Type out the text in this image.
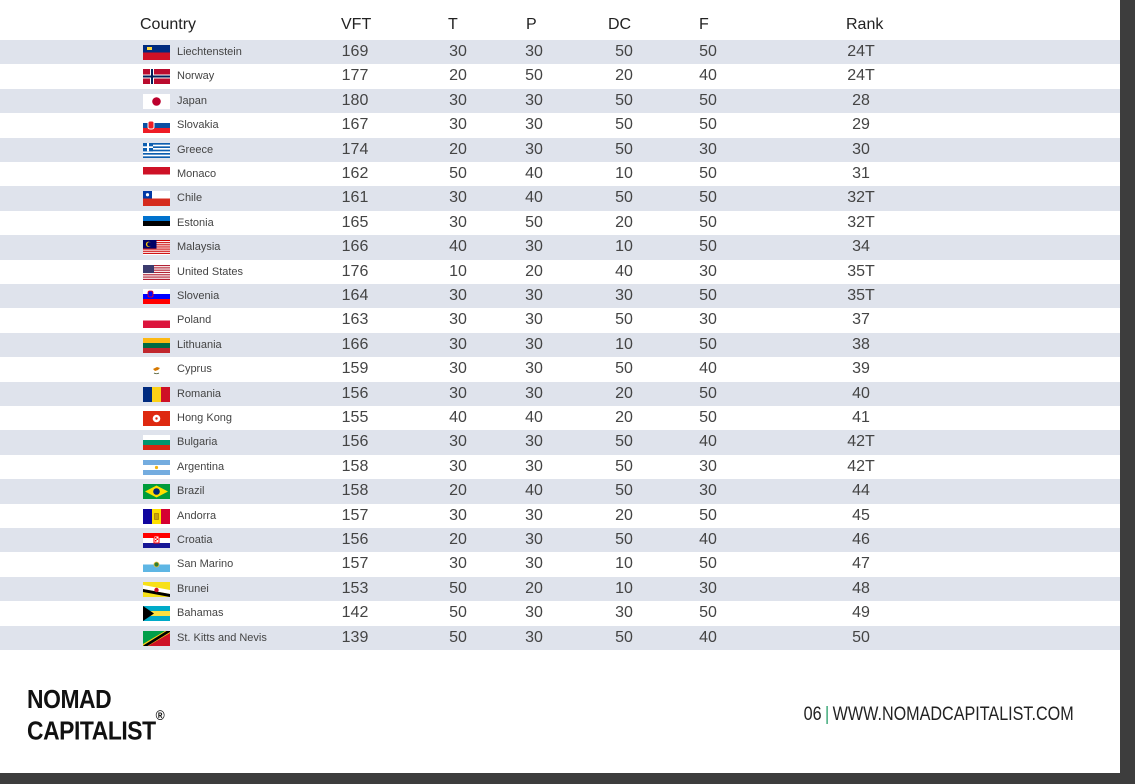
Country	VFT	T	P	DC	F	Rank
Liechtenstein	169	30	30	50	50	24T
Norway	177	20	50	20	40	24T
Japan	180	30	30	50	50	28
Slovakia	167	30	30	50	50	29
Greece	174	20	30	50	30	30
Monaco	162	50	40	10	50	31
Chile	161	30	40	50	50	32T
Estonia	165	30	50	20	50	32T
Malaysia	166	40	30	10	50	34
United States	176	10	20	40	30	35T
Slovenia	164	30	30	30	50	35T
Poland	163	30	30	50	30	37
Lithuania	166	30	30	10	50	38
Cyprus	159	30	30	50	40	39
Romania	156	30	30	20	50	40
Hong Kong	155	40	40	20	50	41
Bulgaria	156	30	30	50	40	42T
Argentina	158	30	30	50	30	42T
Brazil	158	20	40	50	30	44
Andorra	157	30	30	20	50	45
Croatia	156	20	30	50	40	46
San Marino	157	30	30	10	50	47
Brunei	153	50	20	10	30	48
Bahamas	142	50	30	30	50	49
St. Kitts and Nevis	139	50	30	50	40	50
NOMAD
CAPITALIST®	06 | WWW.NOMADCAPITALIST.COM
